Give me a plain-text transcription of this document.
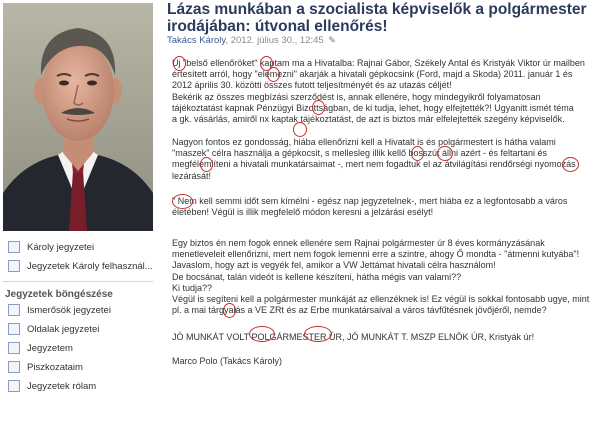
Károly jegyzetei
Jegyzetek Károly felhasznál...
Jegyzetek böngészése
Ismerősök jegyzetei
Oldalak jegyzetei
Jegyzetem
Piszkozataim
Jegyzetek rólam
Lázas munkában a szocialista képviselők a polgármester irodájában: útvonal ellenőrés!
Takács Károly, 2012. július 30., 12:45 ✎
Új "belső ellenőröket" kaptam ma a Hivatalba: Rajnai Gábor, Székely Antal és Kristyák Viktor úr mailben
értesített arról, hogy "elemezni" akarják a hivatali gépkocsink (Ford, majd a Skoda) 2011. január 1 és
2012 április 30. közötti összes futott teljesítményét és az utazás céljét!
Bekérik az összes megbízási szerződést is, annak ellenére, hogy mindegyikről folyamatosan
tájékoztatást kapnak Pénzügyi Bizottságban, de ki tudja, lehet, hogy elfejtették?! Ugyanitt ismét téma
a gk. vásárlás, amiről nx kaptak tájékoztatást, de azt is biztos már elfelejtették szegény képviselők.
Nagyon fontos ez gondosság, hiába ellenőrizni kell a Hivatalt is és polgármestert is hátha valami
"maszek" célra használja a gépkocsit, s mellesleg illik kellő bosszút állni azért - és feltartani és
megfélemlíteni a hivatali munkatársaimat -, mert nem fogadtuk el az átvilágítási rendőrségi nyomozás
lezárását!
" Nem kell semmi időt sem kímélni - egész nap jegyzetelnek-, mert hiába ez a legfontosabb a város
életében! Végül is illik megfelelő módon keresni a jelzárási esélyt!
Egy biztos én nem fogok ennek ellenére sem Rajnai polgármester úr 8 éves kormányzásának
menetleveleit ellenőrizni, mert nem fogok lemenni erre a szintre, ahogy Ő mondta - "átmenni kutyába"!
Javaslom, hogy azt is vegyék fel, amikor a VW Jettámat hivatali célra használom!
De bocsánat, talán videót is kellene készíteni, hátha mégis van valami??
Ki tudja??
Végül is segíteni kell a polgármester munkáját az ellenzéknek is! Ez végül is sokkal fontosabb ugye, mint
pl. a mai tárgyalás a VE ZRt és az Erbe munkatársaival a város távfűtésnek jövőjéről, nemde?
JÓ MUNKÁT VOLT POLGÁRMESTER ÚR, JÓ MUNKÁT T. MSZP ELNÖK ÚR, Kristyák úr!
Marco Polo (Takács Károly)
